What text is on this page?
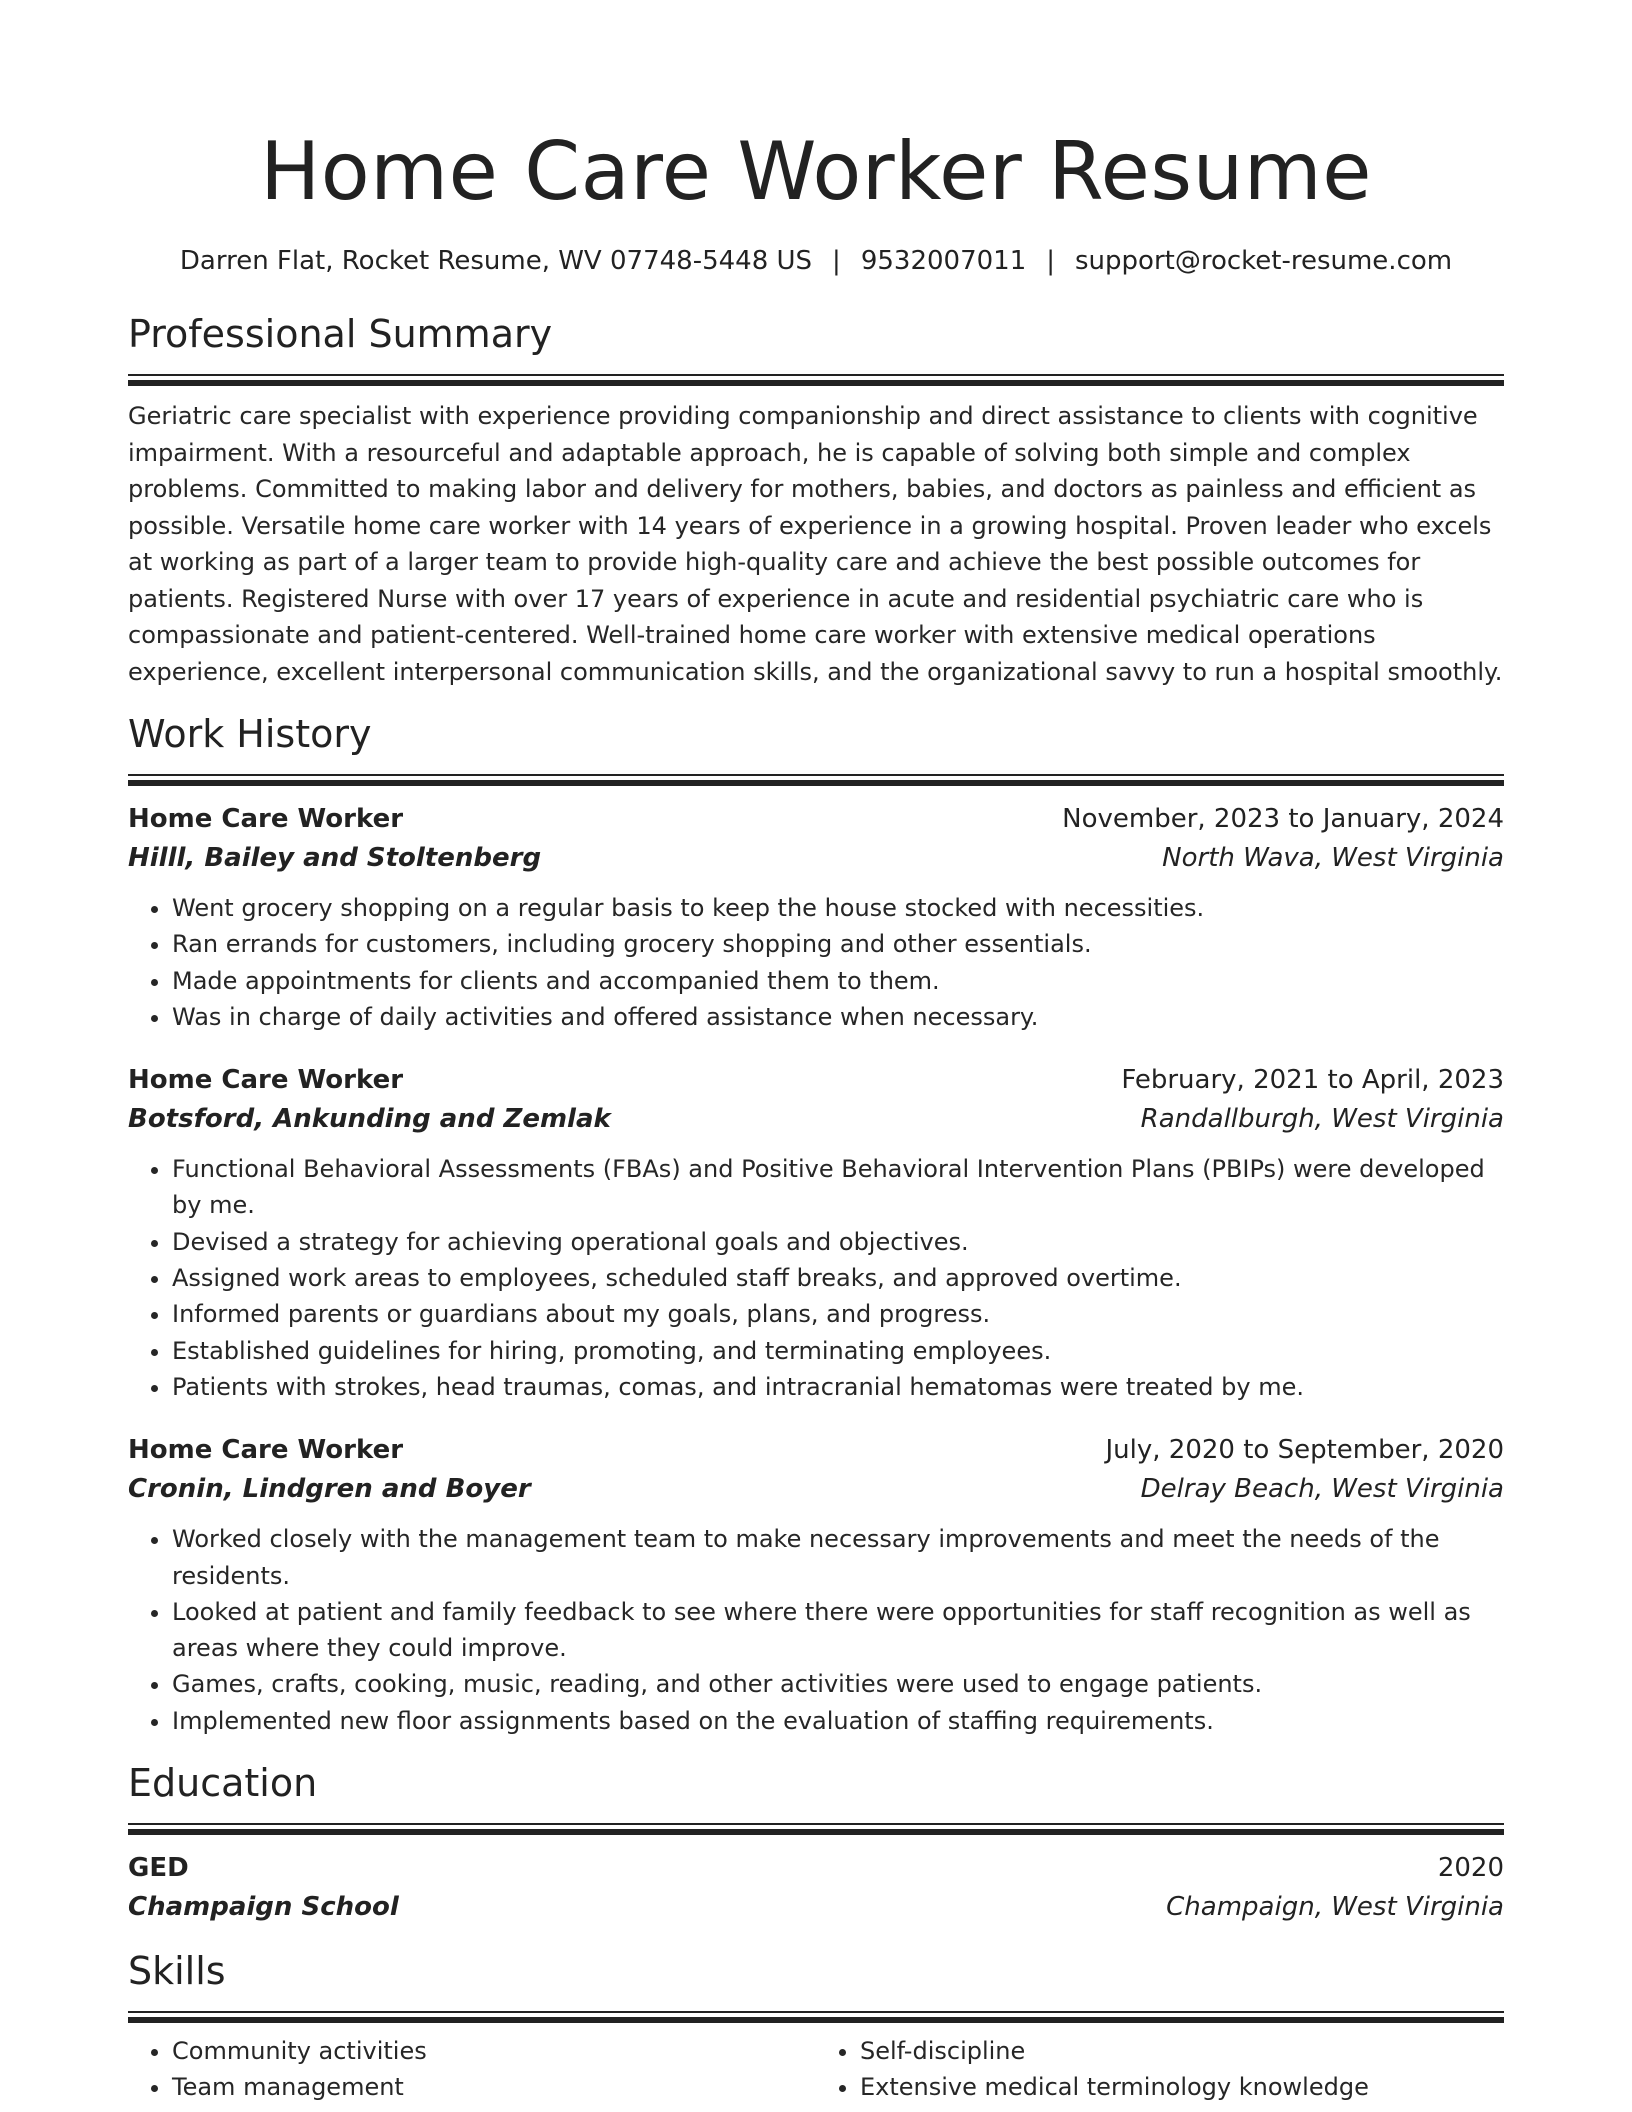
Home Care Worker Resume
Darren Flat, Rocket Resume, WV 07748-5448 US | 9532007011 | support@rocket-resume.com
Professional Summary
Geriatric care specialist with experience providing companionship and direct assistance to clients with cognitive impairment. With a resourceful and adaptable approach, he is capable of solving both simple and complex problems. Committed to making labor and delivery for mothers, babies, and doctors as painless and efficient as possible. Versatile home care worker with 14 years of experience in a growing hospital. Proven leader who excels at working as part of a larger team to provide high-quality care and achieve the best possible outcomes for patients. Registered Nurse with over 17 years of experience in acute and residential psychiatric care who is compassionate and patient-centered. Well-trained home care worker with extensive medical operations experience, excellent interpersonal communication skills, and the organizational savvy to run a hospital smoothly.
Work History
Home Care Worker	November, 2023 to January, 2024
Hilll, Bailey and Stoltenberg	North Wava, West Virginia
• Went grocery shopping on a regular basis to keep the house stocked with necessities.
• Ran errands for customers, including grocery shopping and other essentials.
• Made appointments for clients and accompanied them to them.
• Was in charge of daily activities and offered assistance when necessary.
Home Care Worker	February, 2021 to April, 2023
Botsford, Ankunding and Zemlak	Randallburgh, West Virginia
• Functional Behavioral Assessments (FBAs) and Positive Behavioral Intervention Plans (PBIPs) were developed by me.
• Devised a strategy for achieving operational goals and objectives.
• Assigned work areas to employees, scheduled staff breaks, and approved overtime.
• Informed parents or guardians about my goals, plans, and progress.
• Established guidelines for hiring, promoting, and terminating employees.
• Patients with strokes, head traumas, comas, and intracranial hematomas were treated by me.
Home Care Worker	July, 2020 to September, 2020
Cronin, Lindgren and Boyer	Delray Beach, West Virginia
• Worked closely with the management team to make necessary improvements and meet the needs of the residents.
• Looked at patient and family feedback to see where there were opportunities for staff recognition as well as areas where they could improve.
• Games, crafts, cooking, music, reading, and other activities were used to engage patients.
• Implemented new floor assignments based on the evaluation of staffing requirements.
Education
GED	2020
Champaign School	Champaign, West Virginia
Skills
• Community activities
• Team management
• Self-discipline
• Extensive medical terminology knowledge
